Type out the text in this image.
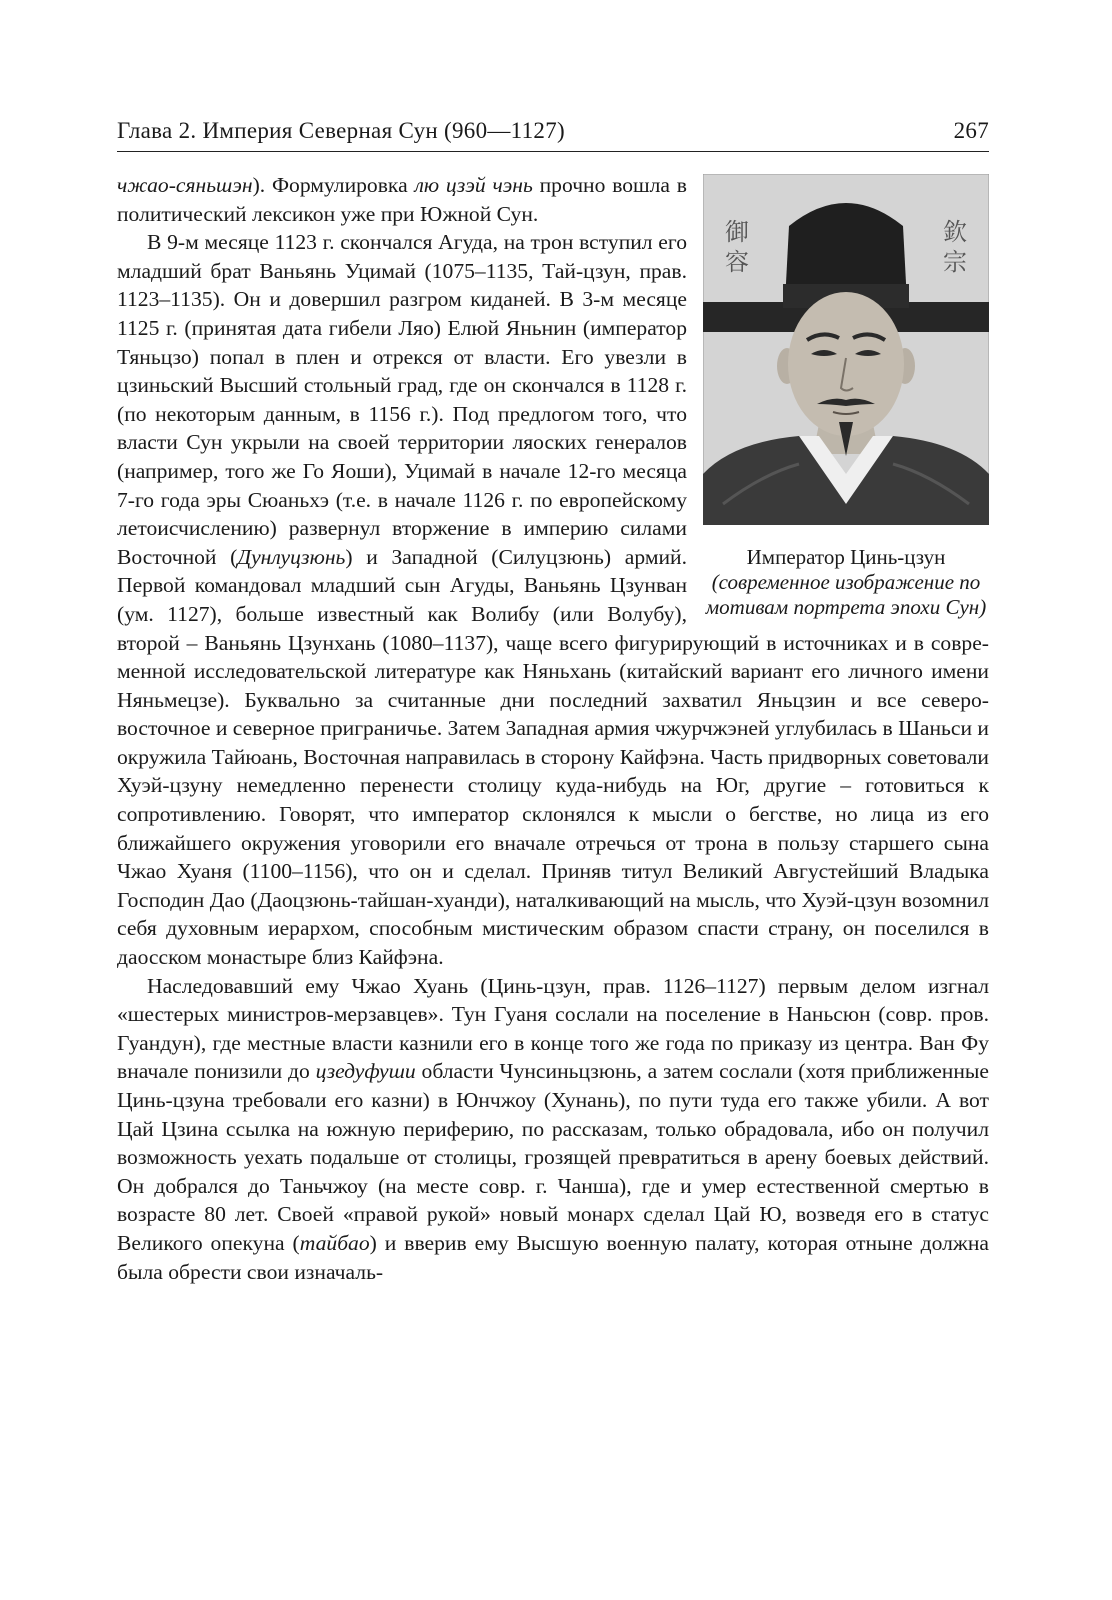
Глава 2. Империя Северная Сун (960—1127)	267
御 容
欽 宗
Император Цинь-цзун
(современное изображение по мотивам портрета эпохи Сун)

чжао-сяньшэн). Формулировка лю цзэй чэнь прочно вошла в политический лексикон уже при Южной Сун.

В 9-м месяце 1123 г. скончался Агуда, на трон вступил его младший брат Ваньянь Уцимай (1075–1135, Тай-цзун, прав. 1123–1135). Он и довершил разгром киданей. В 3-м месяце 1125 г. (принятая дата гибели Ляо) Елюй Яньнин (император Тяньцзо) попал в плен и отрекся от власти. Его увезли в цзиньский Высший стольный град, где он скончался в 1128 г. (по некоторым данным, в 1156 г.). Под предлогом того, что власти Сун укрыли на своей территории ляоских генералов (например, того же Го Яоши), Уцимай в начале 12-го месяца 7-го года эры Сюаньхэ (т.е. в начале 1126 г. по европейскому летоисчислению) развернул вторжение в империю силами Восточной (Дунлуцзюнь) и Западной (Силуцзюнь) армий. Первой командовал младший сын Агуды, Ваньянь Цзунван (ум. 1127), больше известный как Волибу (или Волубу), второй – Ваньянь Цзунхань (1080–1137), чаще всего фигурирующий в источниках и в современной исследовательской литературе как Няньхань (китайский вариант его личного имени Няньмецзе). Буквально за считанные дни последний захватил Яньцзин и все северо-восточное и северное приграничье. Затем Западная армия чжурчжэней углубилась в Шаньси и окружила Тайюань, Восточная направилась в сторону Кайфэна. Часть придворных советовали Хуэй-цзуну немедленно перенести столицу куда-нибудь на Юг, другие – готовиться к сопротивлению. Говорят, что император склонялся к мысли о бегстве, но лица из его ближайшего окружения уговорили его вначале отречься от трона в пользу старшего сына Чжао Хуаня (1100–1156), что он и сделал. Приняв титул Великий Августейший Владыка Господин Дао (Даоцзюнь-тайшан-хуанди), наталкивающий на мысль, что Хуэй-цзун возомнил себя духовным иерархом, способным мистическим образом спасти страну, он поселился в даосском монастыре близ Кайфэна.

Наследовавший ему Чжао Хуань (Цинь-цзун, прав. 1126–1127) первым делом изгнал «шестерых министров-мерзавцев». Тун Гуаня сослали на поселение в Наньсюн (совр. пров. Гуандун), где местные власти казнили его в конце того же года по приказу из центра. Ван Фу вначале понизили до цзедуфуши области Чунсиньцзюнь, а затем сослали (хотя приближенные Цинь-цзуна требовали его казни) в Юнчжоу (Хунань), по пути туда его также убили. А вот Цай Цзина ссылка на южную периферию, по рассказам, только обрадовала, ибо он получил возможность уехать подальше от столицы, грозящей превратиться в арену боевых действий. Он добрался до Таньчжоу (на месте совр. г. Чанша), где и умер естественной смертью в возрасте 80 лет. Своей «правой рукой» новый монарх сделал Цай Ю, возведя его в статус Великого опекуна (тайбао) и вверив ему Высшую военную палату, которая отныне должна была обрести свои изначаль-
